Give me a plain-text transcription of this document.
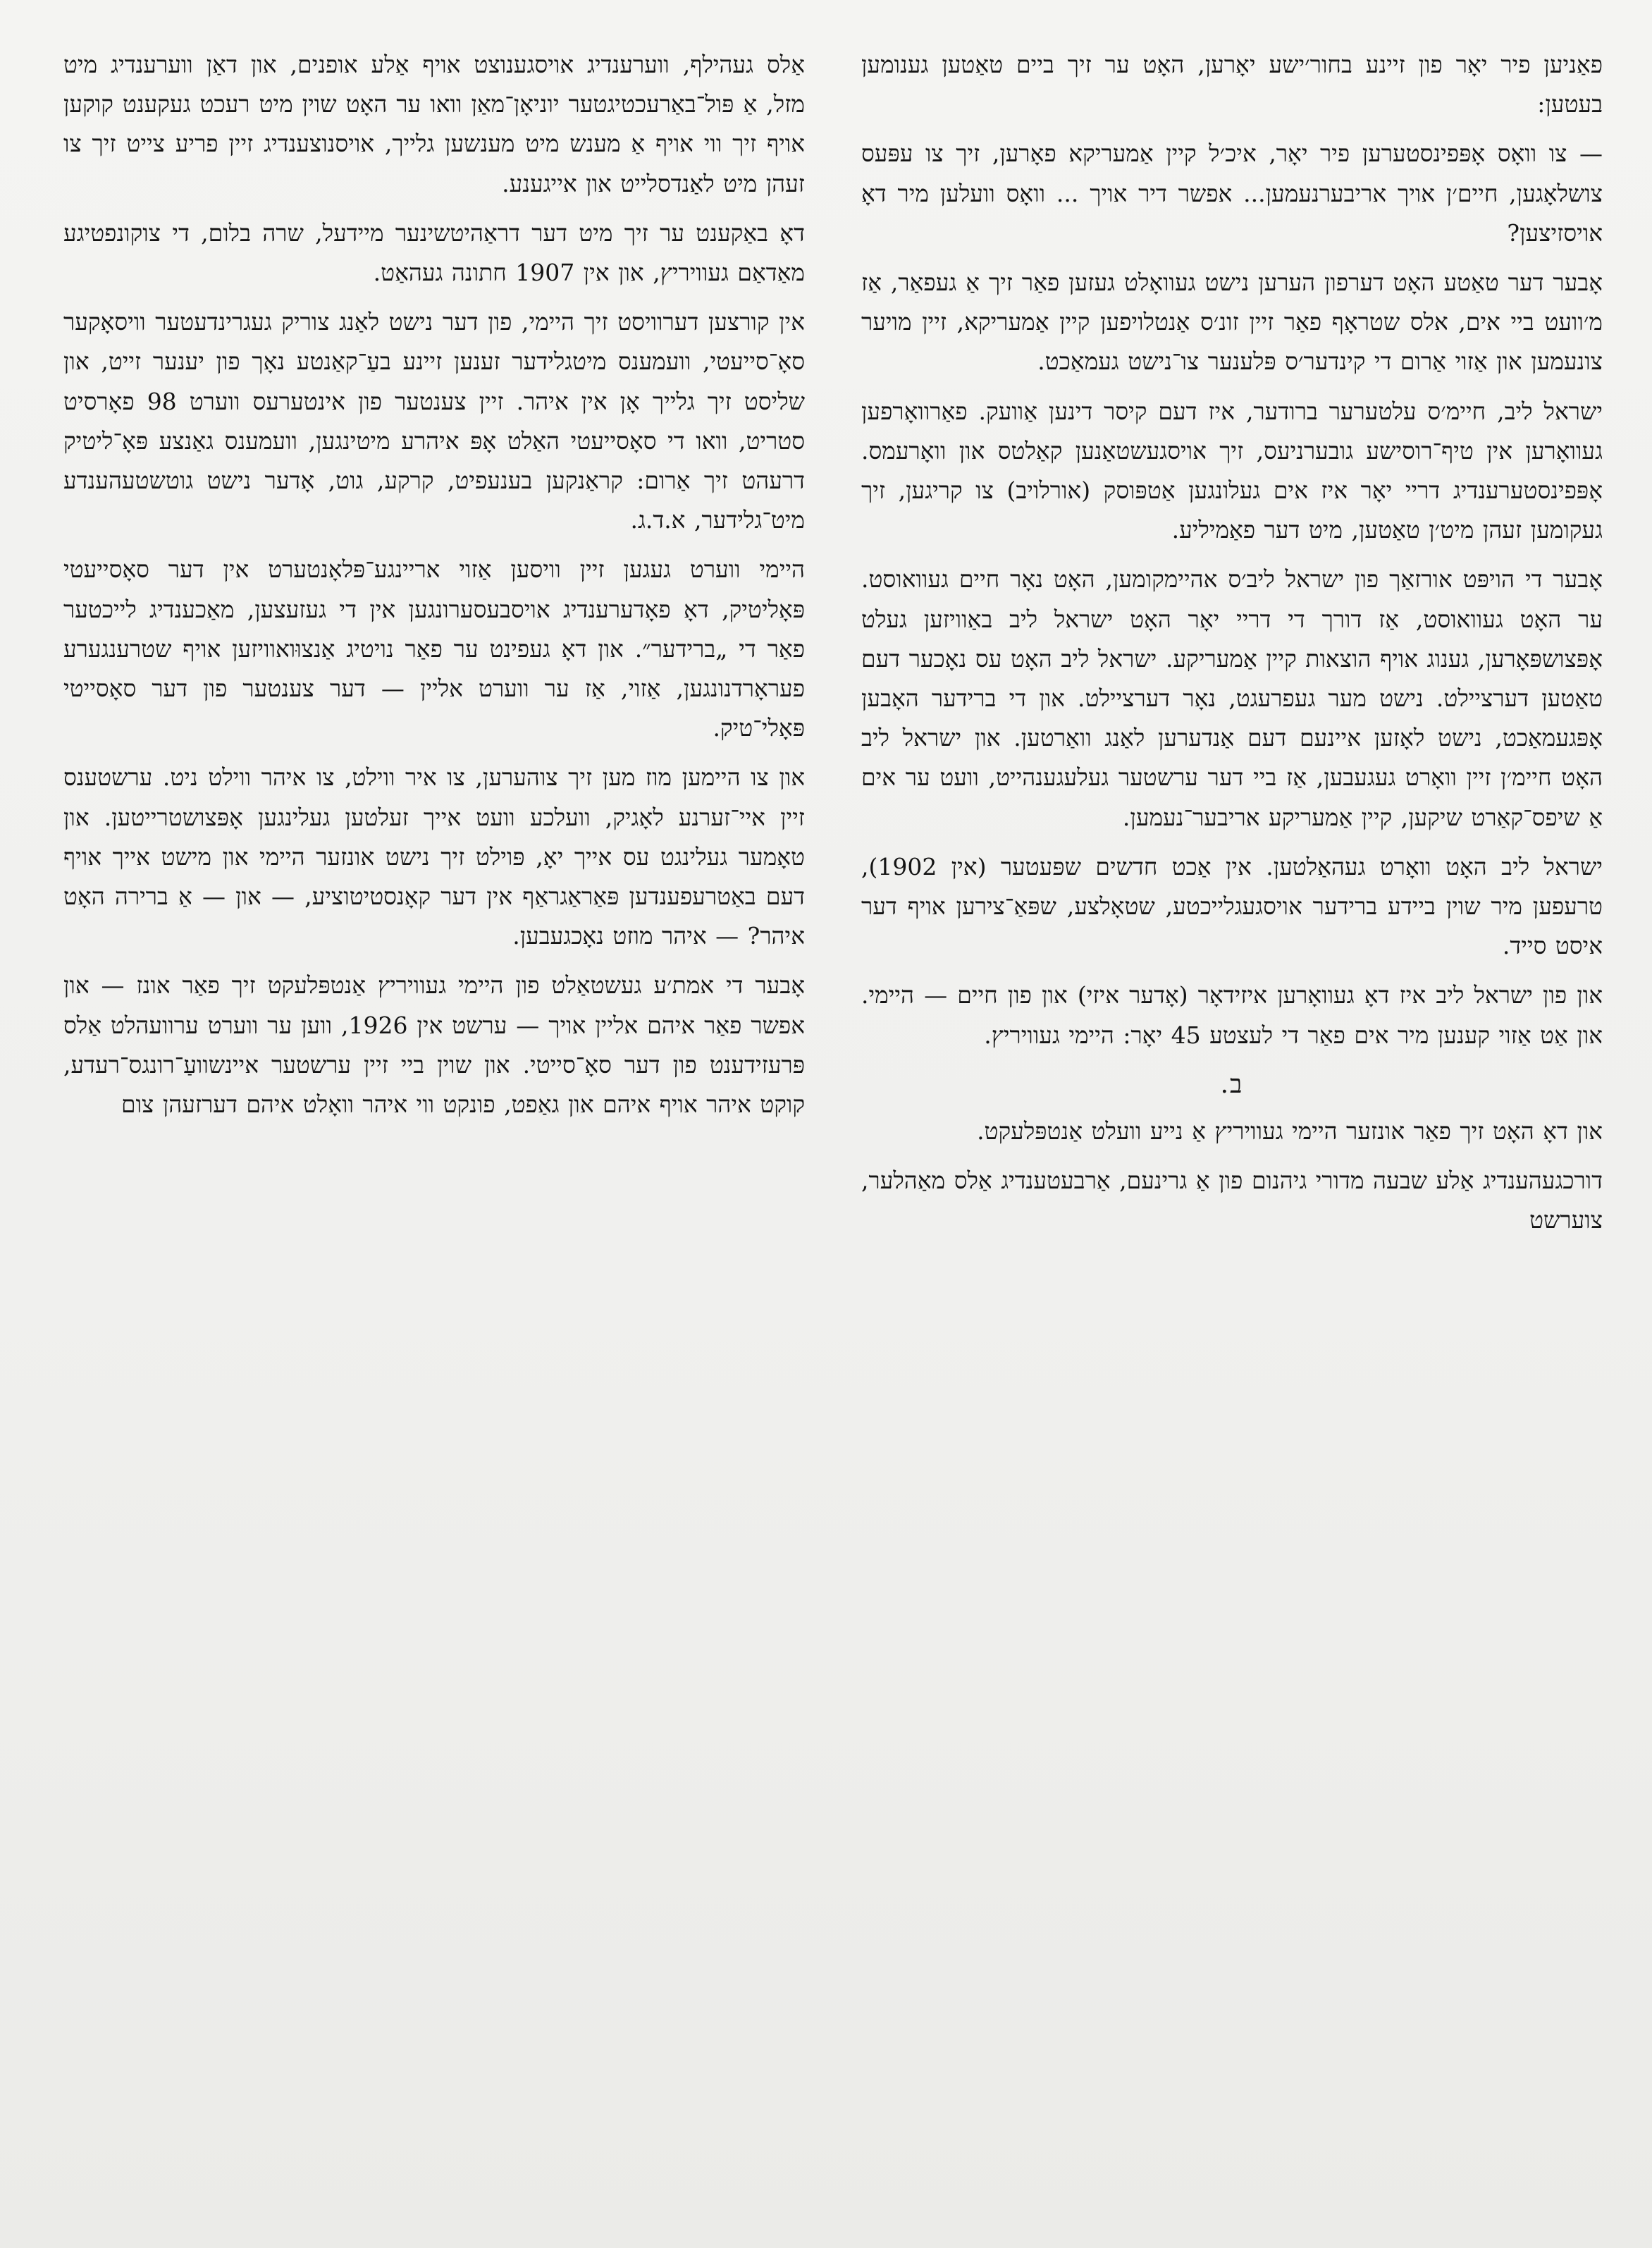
פאַניען פיר יאָר פון זיינע בחור׳ישע יאָרען, האָט ער זיך ביים טאַטען גענומען בעטען:

— צו וואָס אָפּפינסטערען פיר יאָר, איכ׳ל קיין אַמעריקא פאָרען, זיך צו עפּעס צושלאָגען, חיים׳ן אויך אריבערנעמען... אפשר דיר אויך ... וואָס וועלען מיר דאָ אויסזיצען?

אָבער דער טאַטע האָט דערפון הערען נישט געוואָלט געזען פאַר זיך אַ געפאַר, אַז מ׳וועט ביי אים, אלס שטראָף פאַר זיין זונ׳ס אַנטלויפען קיין אַמעריקא, זיין מויער צונעמען און אַזוי אַרום די קינדער׳ס פּלענער צו־נישט געמאַכט.

ישראל ליב, חיימ׳ס עלטערער ברודער, איז דעם קיסר דינען אַוועק. פאַרוואָרפען געוואָרען אין טיף־רוסישע גובערניעס, זיך אויסגעשטאַנען קאַלטס און וואָרעמס. אָפּפינסטערענדיג דריי יאָר איז אים געלונגען אַטפּוסק (אורלויב) צו קריגען, זיך געקומען זעהן מיט׳ן טאַטען, מיט דער פאַמיליע.

אָבער די הויפּט אורזאַך פון ישראל ליב׳ס אהיימקומען, האָט נאָר חיים געוואוסט. ער האָט געוואוסט, אַז דורך די דריי יאָר האָט ישראל ליב באַוויזען געלט אָפּצושפּאָרען, גענוג אויף הוצאות קיין אַמעריקע. ישראל ליב האָט עס נאָכער דעם טאַטען דערציילט. נישט מער געפרעגט, נאָר דערציילט. און די ברידער האָבען אָפּגעמאַכט, נישט לאָזען איינעם דעם אַנדערען לאַנג וואַרטען. און ישראל ליב האָט חיימ׳ן זיין וואָרט געגעבען, אַז ביי דער ערשטער געלעגענהייט, וועט ער אים אַ שיפס־קאַרט שיקען, קיין אַמעריקע אריבער־נעמען.

ישראל ליב האָט וואָרט געהאַלטען. אין אַכט חדשים שפּעטער (אין 1902), טרעפען מיר שוין ביידע ברידער אויסגעגלייכטע, שטאָלצע, שפּאַ־צירען אויף דער איסט סייד.

און פון ישראל ליב איז דאָ געוואָרען איזידאָר (אָדער איזי) און פון חיים — היימי. און אַט אַזוי קענען מיר אים פאַר די לעצטע 45 יאָר: היימי געוויריץ.

ב.

און דאָ האָט זיך פאַר אונזער היימי געוויריץ אַ נייע וועלט אַנטפּלעקט.

דורכגעהענדיג אַלע שבעה מדורי גיהנום פון אַ גרינעם, אַרבעטענדיג אַלס מאַהלער, צוערשט

אַלס געהילף, ווערענדיג אויסגענוצט אויף אַלע אופנים, און דאַן ווערענדיג מיט מזל, אַ פּול־באַרעכטיגטער יוניאָן־מאַן וואו ער האָט שוין מיט רעכט געקענט קוקען אויף זיך ווי אויף אַ מענש מיט מענשען גלייך, אויסנוצענדיג זיין פריע צייט זיך צו זעהן מיט לאַנדסלייט און אייגענע.

דאָ באַקענט ער זיך מיט דער דראַהיטשינער מיידעל, שרה בלום, די צוקונפטיגע מאַדאַם געוויריץ, און אין 1907 חתונה געהאַט.

אין קורצען דערוויסט זיך היימי, פון דער נישט לאַנג צוריק געגרינדעטער וויסאָקער סאָ־סייעטי, וועמענס מיטגלידער זענען זיינע בעַ־קאַנטע נאָך פון יענער זייט, און שליסט זיך גלייך אָן אין איהר. זיין צענטער פון אינטערעס ווערט 98 פאָרסיט סטריט, וואו די סאָסייעטי האַלט אָפּ איהרע מיטינגען, וועמענס גאַנצע פּאָ־ליטיק דרעהט זיך אַרום: קראַנקען בענעפיט, קרקע, גוט, אָדער נישט גוטשטעהענדע מיט־גלידער, א.ד.ג.

היימי ווערט געגען זיין וויסען אַזוי אריינגע־פּלאָנטערט אין דער סאָסייעטי פּאָליטיק, דאָ פאָדערענדיג אויסבעסערונגען אין די געזעצען, מאַכענדיג לייכטער פאַר די „ברידער״. און דאָ געפינט ער פאַר נויטיג אַנצוּואוויזען אויף שטרענגערע פעראָרדנונגען, אַזוי, אַז ער ווערט אליין — דער צענטער פון דער סאָסייטי פּאָלי־טיק.

און צו היימען מוז מען זיך צוהערען, צו איר ווילט, צו איהר ווילט ניט. ערשטענס זיין איי־זערנע לאָגיק, וועלכע וועט אייך זעלטען געלינגען אָפּצושטרייטען. און טאָמער געלינגט עס אייך יאָ, פּוילט זיך נישט אונזער היימי און מישט אייך אויף דעם באַטרעפענדען פּאַראַגראַף אין דער קאָנסטיטוציע, — און — אַ ברירה האָט איהר? — איהר מוזט נאָכגעבען.

אָבער די אמת׳ע געשטאַלט פון היימי געוויריץ אַנטפּלעקט זיך פאַר אונז — און אפשר פאַר איהם אליין אויך — ערשט אין 1926, ווען ער ווערט ערוועהלט אַלס פּרעזידענט פון דער סאָ־סייטי. און שוין ביי זיין ערשטער איינשוועַ־רונגס־רעדע, קוקט איהר אויף איהם און גאַפט, פונקט ווי איהר וואָלט איהם דערזעהן צום
